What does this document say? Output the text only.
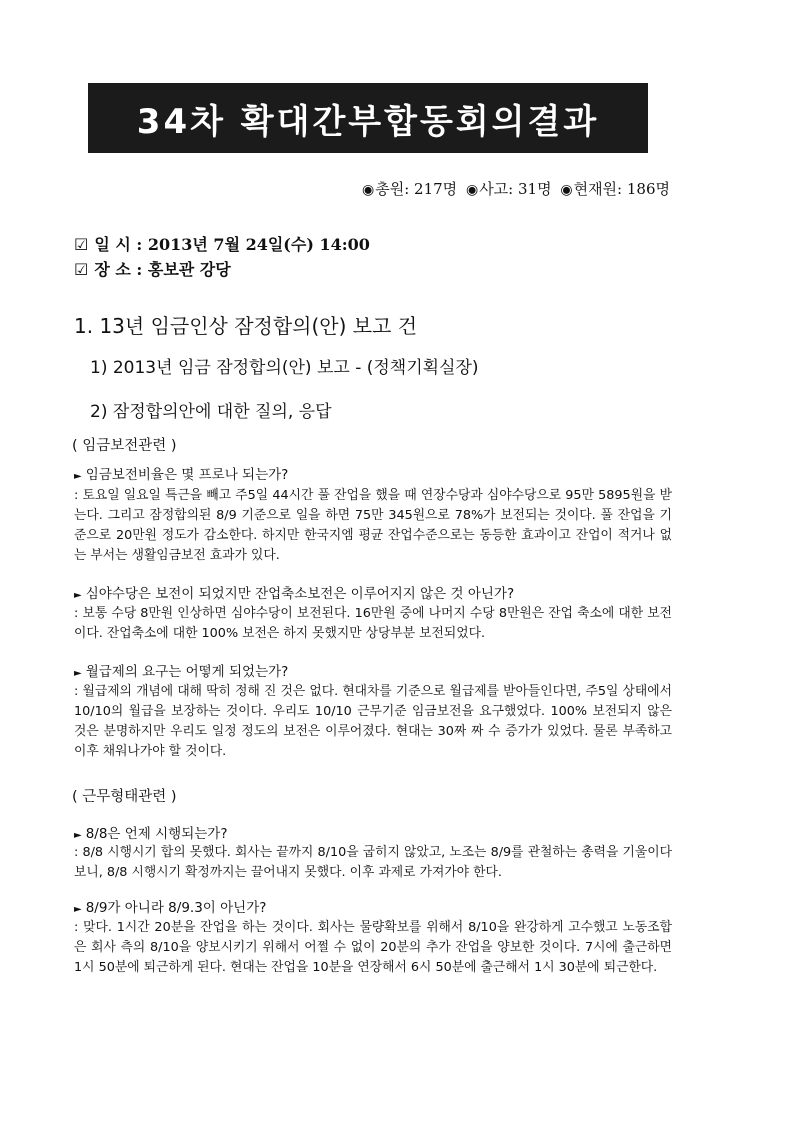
34차 확대간부합동회의결과
◉총원: 217명 ◉사고: 31명 ◉현재원: 186명
☑ 일 시 : 2013년 7월 24일(수) 14:00
☑ 장 소 : 홍보관 강당
1. 13년 임금인상 잠정합의(안) 보고 건
1) 2013년 임금 잠정합의(안) 보고 - (정책기획실장)
2) 잠정합의안에 대한 질의, 응답
( 임금보전관련 )
► 임금보전비율은 몇 프로나 되는가?
: 토요일 일요일 특근을 빼고 주5일 44시간 풀 잔업을 했을 때 연장수당과 심야수당으로 95만 5895원을 받는다. 그리고 잠정합의된 8/9 기준으로 일을 하면 75만 345원으로 78%가 보전되는 것이다. 풀 잔업을 기준으로 20만원 정도가 감소한다. 하지만 한국지엠 평균 잔업수준으로는 동등한 효과이고 잔업이 적거나 없는 부서는 생활임금보전 효과가 있다.
► 심야수당은 보전이 되었지만 잔업축소보전은 이루어지지 않은 것 아닌가?
: 보통 수당 8만원 인상하면 심야수당이 보전된다. 16만원 중에 나머지 수당 8만원은 잔업 축소에 대한 보전이다. 잔업축소에 대한 100% 보전은 하지 못했지만 상당부분 보전되었다.
► 월급제의 요구는 어떻게 되었는가?
: 월급제의 개념에 대해 딱히 정해 진 것은 없다. 현대차를 기준으로 월급제를 받아들인다면, 주5일 상태에서 10/10의 월급을 보장하는 것이다. 우리도 10/10 근무기준 임금보전을 요구했었다. 100% 보전되지 않은 것은 분명하지만 우리도 일정 정도의 보전은 이루어졌다. 현대는 30짜 짜 수 증가가 있었다. 물론 부족하고 이후 채워나가야 할 것이다.
( 근무형태관련 )
► 8/8은 언제 시행되는가?
: 8/8 시행시기 합의 못했다. 회사는 끝까지 8/10을 굽히지 않았고, 노조는 8/9를 관철하는 총력을 기울이다 보니, 8/8 시행시기 확정까지는 끌어내지 못했다. 이후 과제로 가져가야 한다.
► 8/9가 아니라 8/9.3이 아닌가?
: 맞다. 1시간 20분을 잔업을 하는 것이다. 회사는 물량확보를 위해서 8/10을 완강하게 고수했고 노동조합은 회사 측의 8/10을 양보시키기 위해서 어쩔 수 없이 20분의 추가 잔업을 양보한 것이다. 7시에 출근하면 1시 50분에 퇴근하게 된다. 현대는 잔업을 10분을 연장해서 6시 50분에 출근해서 1시 30분에 퇴근한다.
